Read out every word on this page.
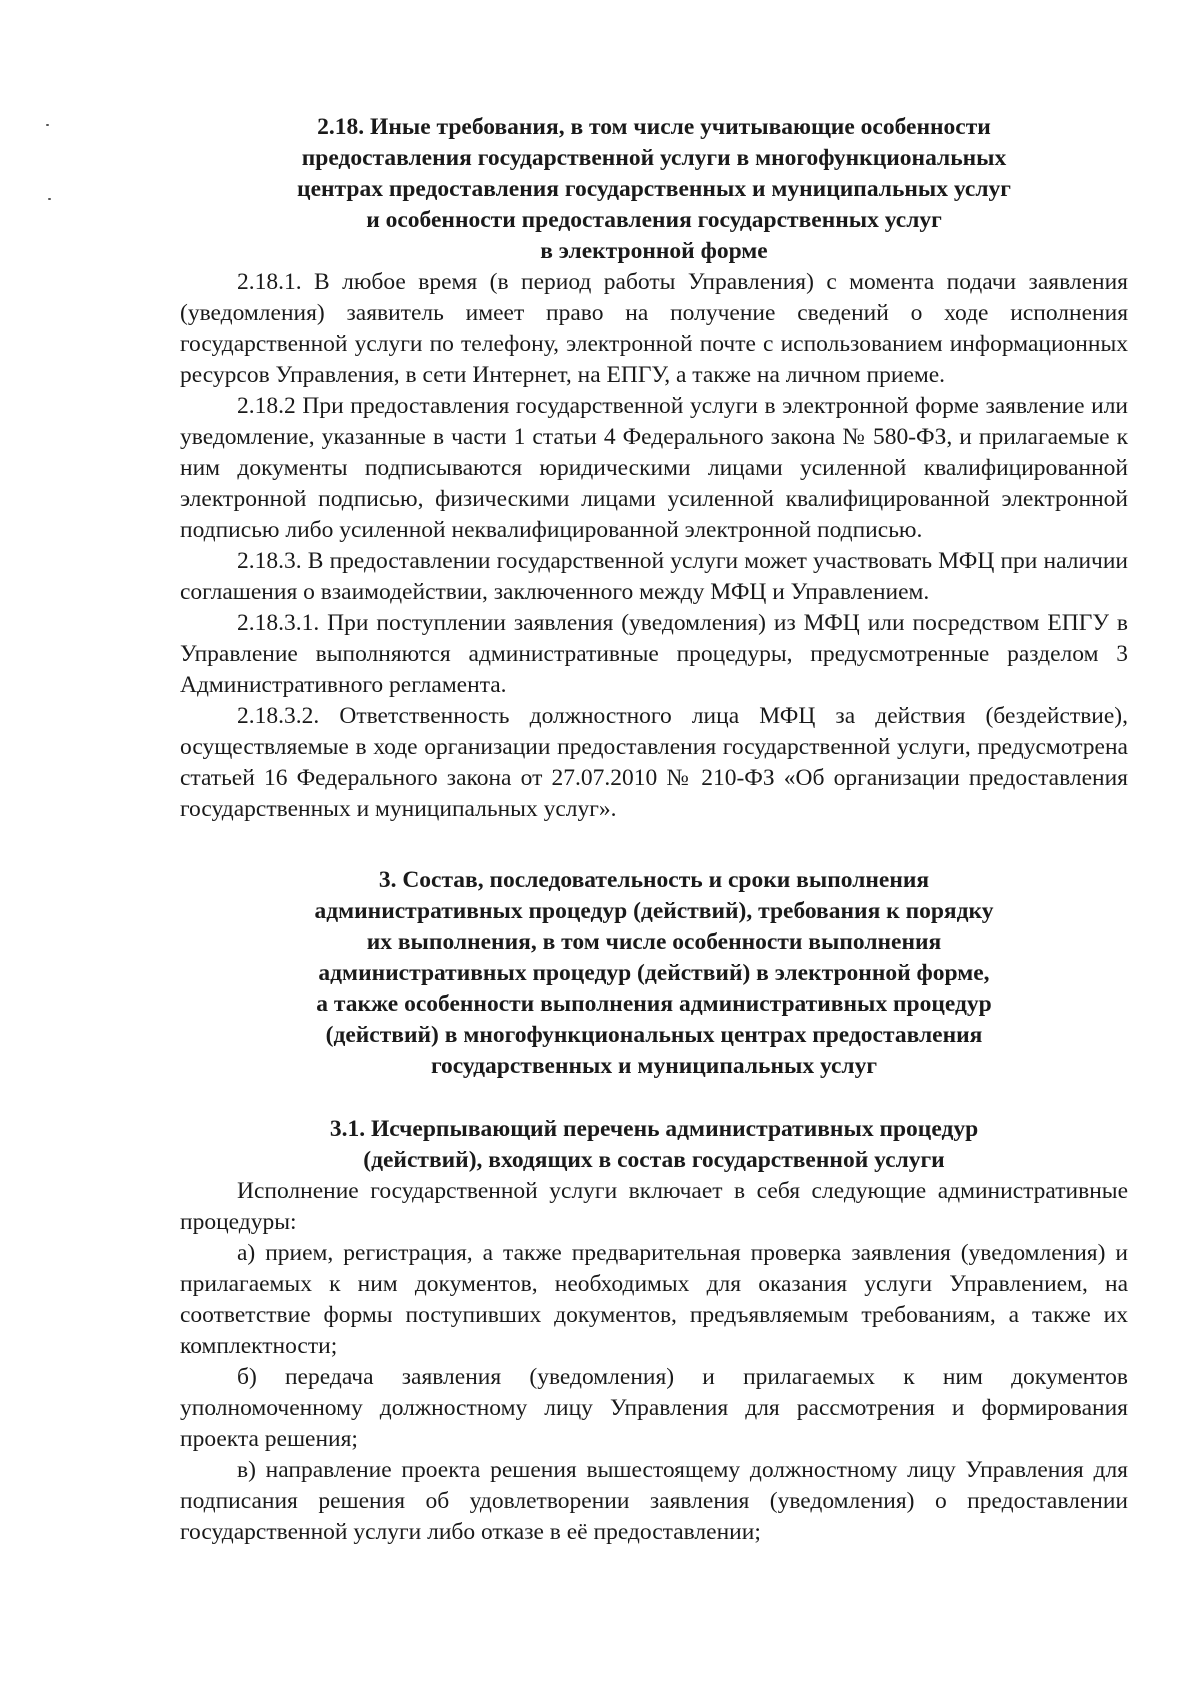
2.18. Иные требования, в том числе учитывающие особенности

предоставления государственной услуги в многофункциональных

центрах предоставления государственных и муниципальных услуг

и особенности предоставления государственных услуг

в электронной форме

2.18.1. В любое время (в период работы Управления) с момента подачи заявления (уведомления) заявитель имеет право на получение сведений о ходе исполнения государственной услуги по телефону, электронной почте с использованием информационных ресурсов Управления, в сети Интернет, на ЕПГУ, а также на личном приеме.

2.18.2 При предоставления государственной услуги в электронной форме заявление или уведомление, указанные в части 1 статьи 4 Федерального закона № 580-ФЗ, и прилагаемые к ним документы подписываются юридическими лицами усиленной квалифицированной электронной подписью, физическими лицами усиленной квалифицированной электронной подписью либо усиленной неквалифицированной электронной подписью.

2.18.3. В предоставлении государственной услуги может участвовать МФЦ при наличии соглашения о взаимодействии, заключенного между МФЦ и Управлением.

2.18.3.1. При поступлении заявления (уведомления) из МФЦ или посредством ЕПГУ в Управление выполняются административные процедуры, предусмотренные разделом 3 Административного регламента.

2.18.3.2. Ответственность должностного лица МФЦ за действия (бездействие), осуществляемые в ходе организации предоставления государственной услуги, предусмотрена статьей 16 Федерального закона от 27.07.2010 № 210-ФЗ «Об организации предоставления государственных и муниципальных услуг».

3. Состав, последовательность и сроки выполнения

административных процедур (действий), требования к порядку

их выполнения, в том числе особенности выполнения

административных процедур (действий) в электронной форме,

а также особенности выполнения административных процедур

(действий) в многофункциональных центрах предоставления

государственных и муниципальных услуг

3.1. Исчерпывающий перечень административных процедур

(действий), входящих в состав государственной услуги

Исполнение государственной услуги включает в себя следующие административные процедуры:

а) прием, регистрация, а также предварительная проверка заявления (уведомления) и прилагаемых к ним документов, необходимых для оказания услуги Управлением, на соответствие формы поступивших документов, предъявляемым требованиям, а также их комплектности;

б) передача заявления (уведомления) и прилагаемых к ним документов уполномоченному должностному лицу Управления для рассмотрения и формирования проекта решения;

в) направление проекта решения вышестоящему должностному лицу Управления для подписания решения об удовлетворении заявления (уведомления) о предоставлении государственной услуги либо отказе в её предоставлении;
